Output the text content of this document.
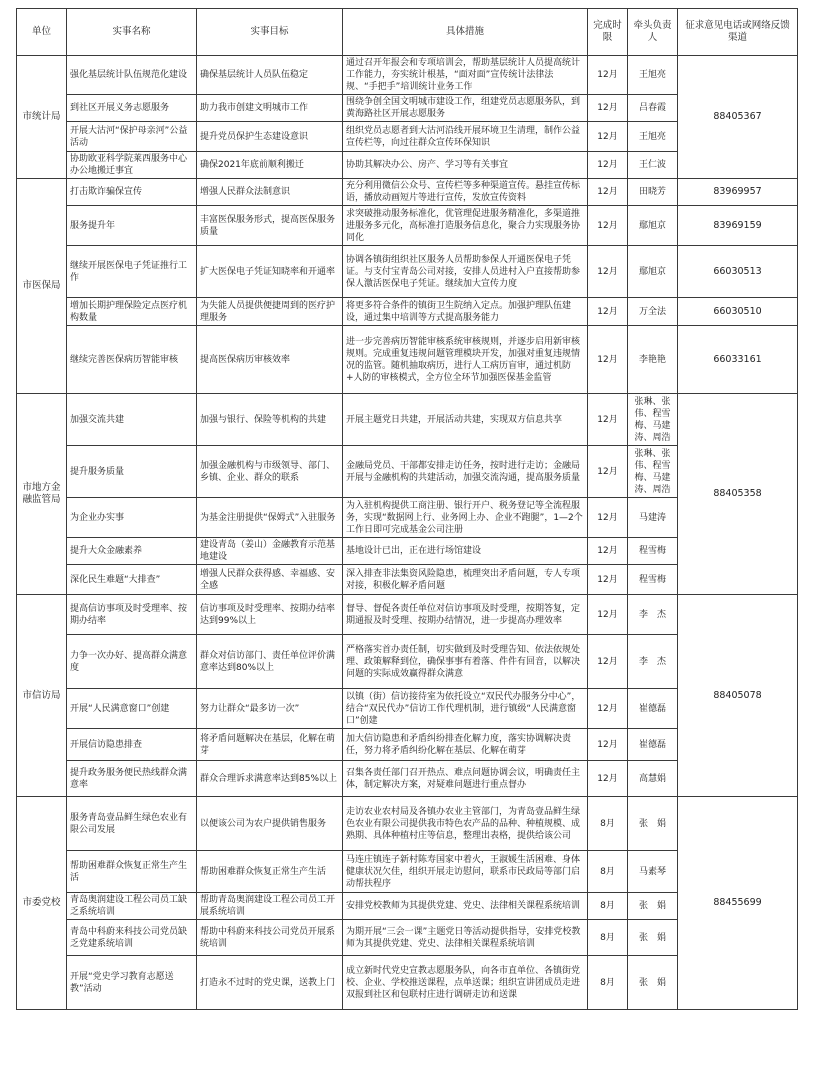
单位	实事名称	实事目标	具体措施	完成时限	牵头负责人	征求意见电话或网络反馈渠道
市统计局	强化基层统计队伍规范化建设	确保基层统计人员队伍稳定	通过召开年报会和专项培训会，帮助基层统计人员提高统计工作能力，夯实统计根基，“面对面”宣传统计法律法规、“手把手”培训统计业务工作	12月	王旭亮	88405367
	到社区开展义务志愿服务	助力我市创建文明城市工作	围绕争创全国文明城市建设工作，组建党员志愿服务队，到黄海路社区开展志愿服务	12月	吕春霞	
	开展大沽河“保护母亲河”公益活动	提升党员保护生态建设意识	组织党员志愿者到大沽河沿线开展环境卫生清理，制作公益宣传栏等，向过往群众宣传环保知识	12月	王旭亮	
	协助欧亚科学院莱西服务中心办公地搬迁事宜	确保2021年底前顺利搬迁	协助其解决办公、房产、学习等有关事宜	12月	王仁波	
市医保局	打击欺诈骗保宣传	增强人民群众法制意识	充分利用微信公众号、宣传栏等多种渠道宣传。悬挂宣传标语，播放动画短片等进行宣传，发放宣传资料	12月	田晓芳	83969957
	服务提升年	丰富医保服务形式，提高医保服务质量	求突破推动服务标准化，优管理促进服务精准化，多渠道推进服务多元化，高标准打造服务信息化，聚合力实现服务协同化	12月	鄢旭京	83969159
	继续开展医保电子凭证推行工作	扩大医保电子凭证知晓率和开通率	协调各镇街组织社区服务人员帮助参保人开通医保电子凭证。与支付宝青岛公司对接，安排人员进村入户直接帮助参保人激活医保电子凭证。继续加大宣传力度	12月	鄢旭京	66030513
	增加长期护理保险定点医疗机构数量	为失能人员提供便捷周到的医疗护理服务	将更多符合条件的镇街卫生院纳入定点。加强护理队伍建设，通过集中培训等方式提高服务能力	12月	万全法	66030510
	继续完善医保病历智能审核	提高医保病历审核效率	进一步完善病历智能审核系统审核规则，并逐步启用新审核规则。完成重复违规问题管理模块开发，加强对重复违规情况的监管。随机抽取病历，进行人工病历盲审，通过机防+人防的审核模式，全方位全环节加强医保基金监管	12月	李艳艳	66033161
市地方金融监管局	加强交流共建	加强与银行、保险等机构的共建	开展主题党日共建，开展活动共建，实现双方信息共享	12月	张琳、张伟、程雪梅、马建涛、周浩	88405358
	提升服务质量	加强金融机构与市级领导、部门、乡镇、企业、群众的联系	金融局党员、干部都安排走访任务，按时进行走访；金融局开展与金融机构的共建活动，加强交流沟通，提高服务质量	12月	张琳、张伟、程雪梅、马建涛、周浩	
	为企业办实事	为基金注册提供“保姆式”入驻服务	为入驻机构提供工商注册、银行开户、税务登记等全流程服务，实现“数据网上行、业务网上办、企业不跑腿”，1—2个工作日即可完成基金公司注册	12月	马建涛	
	提升大众金融素养	建设青岛（姜山）金融教育示范基地建设	基地设计已出，正在进行场馆建设	12月	程雪梅	
	深化民生难题“大排查”	增强人民群众获得感、幸福感、安全感	深入排查非法集资风险隐患，梳理突出矛盾问题，专人专项对接，积极化解矛盾问题	12月	程雪梅	
市信访局	提高信访事项及时受理率、按期办结率	信访事项及时受理率、按期办结率达到99%以上	督导、督促各责任单位对信访事项及时受理，按期答复，定期通报及时受理、按期办结情况，进一步提高办理效率	12月	李　杰	88405078
	力争一次办好、提高群众满意度	群众对信访部门、责任单位评价满意率达到80%以上	严格落实首办责任制，切实做到及时受理告知、依法依规处理、政策解释到位，确保事事有着落、件件有回音，以解决问题的实际成效赢得群众满意	12月	李　杰	
	开展“人民满意窗口”创建	努力让群众“最多访一次”	以镇（街）信访接待室为依托设立“双民代办服务分中心”，结合“双民代办”信访工作代理机制，进行镇级“人民满意窗口”创建	12月	崔德磊	
	开展信访隐患排查	将矛盾问题解决在基层，化解在萌芽	加大信访隐患和矛盾纠纷排查化解力度，落实协调解决责任，努力将矛盾纠纷化解在基层、化解在萌芽	12月	崔德磊	
	提升政务服务便民热线群众满意率	群众合理诉求满意率达到85%以上	召集各责任部门召开热点、难点问题协调会议，明确责任主体，制定解决方案，对疑难问题进行重点督办	12月	高慧娟	
市委党校	服务青岛壹品鲜生绿色农业有限公司发展	以便该公司为农户提供销售服务	走访农业农村局及各镇办农业主管部门，为青岛壹品鲜生绿色农业有限公司提供我市特色农产品的品种、种植规模、成熟期、具体种植村庄等信息，整理出表格，提供给该公司	8月	张　娟	88455699
	帮助困难群众恢复正常生产生活	帮助困难群众恢复正常生产生活	马连庄镇连子新村陈寿国家中着火，王淑媛生活困难、身体健康状况欠佳，组织开展走访慰问，联系市民政局等部门启动帮扶程序	8月	马素琴	
	青岛奥润建设工程公司员工缺乏系统培训	帮助青岛奥润建设工程公司员工开展系统培训	安排党校教师为其提供党建、党史、法律相关课程系统培训	8月	张　娟	
	青岛中科蔚来科技公司党员缺乏党建系统培训	帮助中科蔚来科技公司党员开展系统培训	为期开展“三会一课”主题党日等活动提供指导，安排党校教师为其提供党建、党史、法律相关课程系统培训	8月	张　娟	
	开展“党史学习教育志愿送教”活动	打造永不过时的党史课，送教上门	成立新时代党史宣教志愿服务队，向各市直单位、各镇街党校、企业、学校推送课程，点单送课；组织宣讲团成员走进双报到社区和包联村庄进行调研走访和送课	8月	张　娟	
